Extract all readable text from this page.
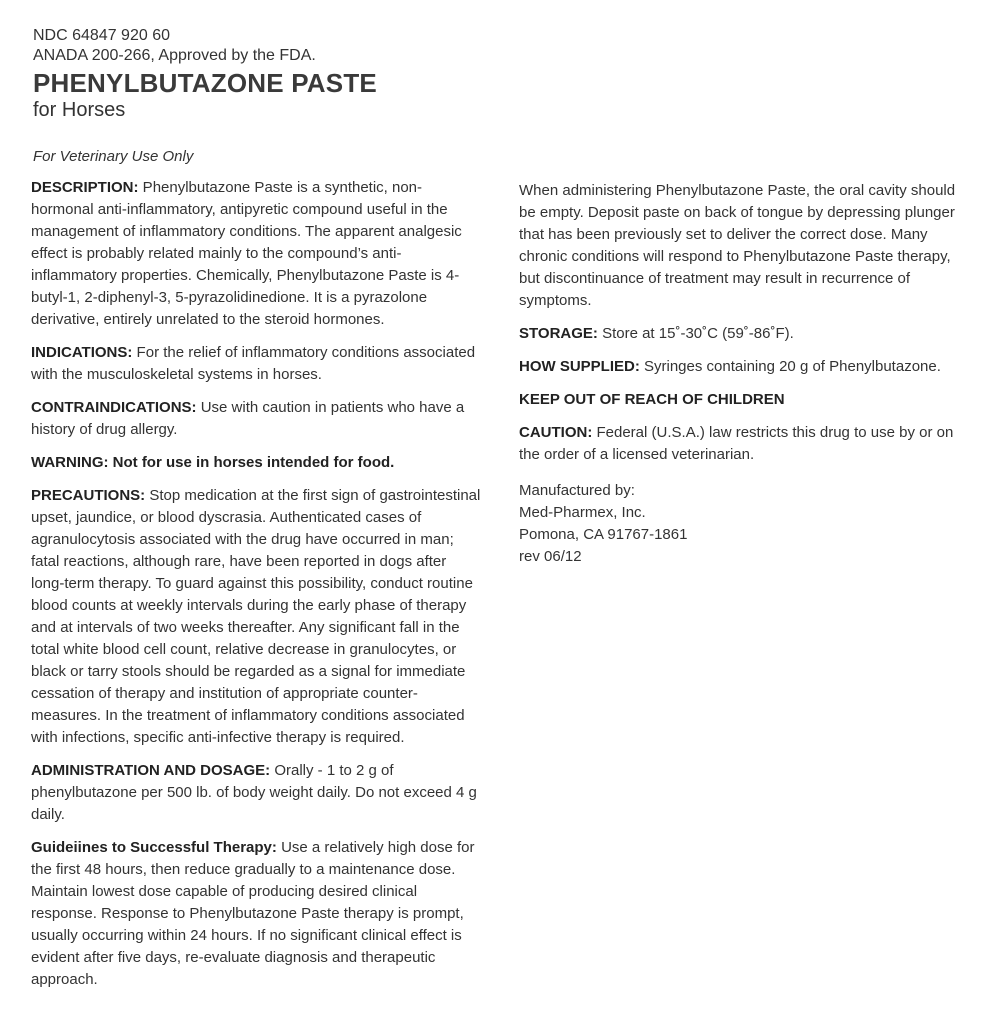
NDC 64847 920 60
ANADA 200-266, Approved by the FDA.
PHENYLBUTAZONE PASTE
for Horses
For Veterinary Use Only

DESCRIPTION: Phenylbutazone Paste is a synthetic, non-hormonal anti-inflammatory, antipyretic compound useful in the management of inflammatory conditions. The apparent analgesic effect is probably related mainly to the compound’s anti-inflammatory properties. Chemically, Phenylbutazone Paste is 4-butyl-1, 2-diphenyl-3, 5-pyrazolidinedione. It is a pyrazolone derivative, entirely unrelated to the steroid hormones.

INDICATIONS: For the relief of inflammatory conditions associated with the musculoskeletal systems in horses.

CONTRAINDICATIONS: Use with caution in patients who have a history of drug allergy.

WARNING: Not for use in horses intended for food.

PRECAUTIONS: Stop medication at the first sign of gastrointestinal upset, jaundice, or blood dyscrasia. Authenticated cases of agranulocytosis associated with the drug have occurred in man; fatal reactions, although rare, have been reported in dogs after long-term therapy. To guard against this possibility, conduct routine blood counts at weekly intervals during the early phase of therapy and at intervals of two weeks thereafter. Any significant fall in the total white blood cell count, relative decrease in granulocytes, or black or tarry stools should be regarded as a signal for immediate cessation of therapy and institution of appropriate counter-measures. In the treatment of inflammatory conditions associated with infections, specific anti-infective therapy is required.

ADMINISTRATION AND DOSAGE: Orally - 1 to 2 g of phenylbutazone per 500 lb. of body weight daily. Do not exceed 4 g daily.

Guideiines to Successful Therapy: Use a relatively high dose for the first 48 hours, then reduce gradually to a maintenance dose. Maintain lowest dose capable of producing desired clinical response. Response to Phenylbutazone Paste therapy is prompt, usually occurring within 24 hours. If no significant clinical effect is evident after five days, re-evaluate diagnosis and therapeutic approach.

When administering Phenylbutazone Paste, the oral cavity should be empty. Deposit paste on back of tongue by depressing plunger that has been previously set to deliver the correct dose. Many chronic conditions will respond to Phenylbutazone Paste therapy, but discontinuance of treatment may result in recurrence of symptoms.

STORAGE: Store at 15˚-30˚C (59˚-86˚F).

HOW SUPPLIED: Syringes containing 20 g of Phenylbutazone.

KEEP OUT OF REACH OF CHILDREN

CAUTION: Federal (U.S.A.) law restricts this drug to use by or on the order of a licensed veterinarian.

Manufactured by:
Med-Pharmex, Inc.
Pomona, CA 91767-1861
rev 06/12
